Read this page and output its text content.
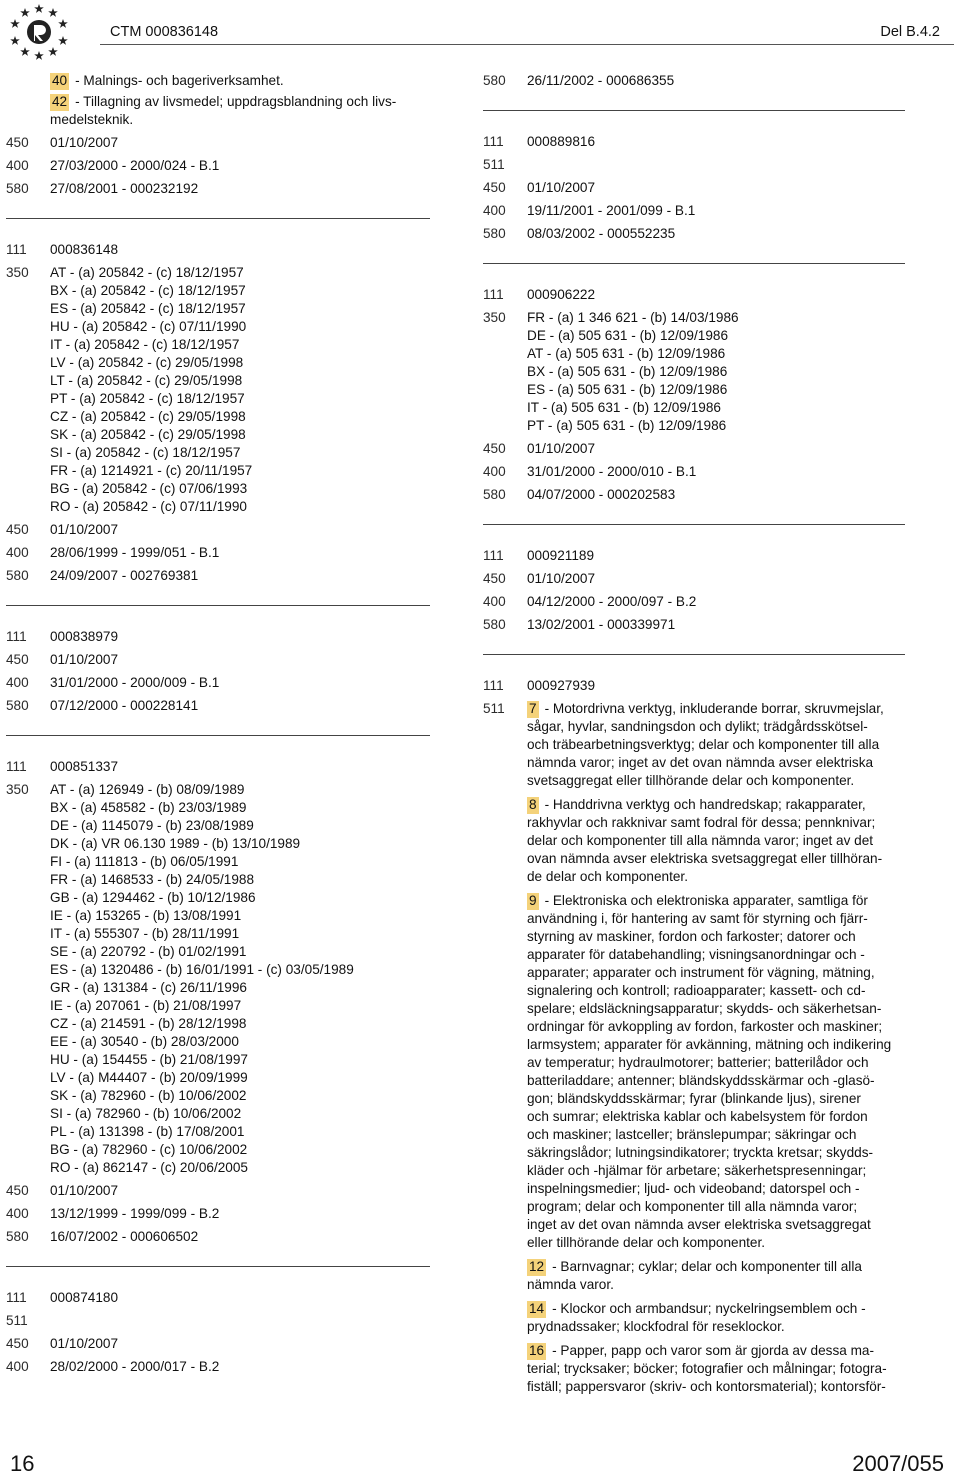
CTM 000836148	Del B.4.2
40 - Malnings- och bageriverksamhet.
42 - Tillagning av livsmedel; uppdragsblandning och livs-
medelsteknik.
450	01/10/2007
400	27/03/2000 - 2000/024 - B.1
580	27/08/2001 - 000232192
111	000836148
350	AT - (a) 205842 - (c) 18/12/1957
BX - (a) 205842 - (c) 18/12/1957
ES - (a) 205842 - (c) 18/12/1957
HU - (a) 205842 - (c) 07/11/1990
IT - (a) 205842 - (c) 18/12/1957
LV - (a) 205842 - (c) 29/05/1998
LT - (a) 205842 - (c) 29/05/1998
PT - (a) 205842 - (c) 18/12/1957
CZ - (a) 205842 - (c) 29/05/1998
SK - (a) 205842 - (c) 29/05/1998
SI - (a) 205842 - (c) 18/12/1957
FR - (a) 1214921 - (c) 20/11/1957
BG - (a) 205842 - (c) 07/06/1993
RO - (a) 205842 - (c) 07/11/1990
450	01/10/2007
400	28/06/1999 - 1999/051 - B.1
580	24/09/2007 - 002769381
111	000838979
450	01/10/2007
400	31/01/2000 - 2000/009 - B.1
580	07/12/2000 - 000228141
111	000851337
350	AT - (a) 126949 - (b) 08/09/1989
BX - (a) 458582 - (b) 23/03/1989
DE - (a) 1145079 - (b) 23/08/1989
DK - (a) VR 06.130 1989 - (b) 13/10/1989
FI - (a) 111813 - (b) 06/05/1991
FR - (a) 1468533 - (b) 24/05/1988
GB - (a) 1294462 - (b) 10/12/1986
IE - (a) 153265 - (b) 13/08/1991
IT - (a) 555307 - (b) 28/11/1991
SE - (a) 220792 - (b) 01/02/1991
ES - (a) 1320486 - (b) 16/01/1991 - (c) 03/05/1989
GR - (a) 131384 - (c) 26/11/1996
IE - (a) 207061 - (b) 21/08/1997
CZ - (a) 214591 - (b) 28/12/1998
EE - (a) 30540 - (b) 28/03/2000
HU - (a) 154455 - (b) 21/08/1997
LV - (a) M44407 - (b) 20/09/1999
SK - (a) 782960 - (b) 10/06/2002
SI - (a) 782960 - (b) 10/06/2002
PL - (a) 131398 - (b) 17/08/2001
BG - (a) 782960 - (c) 10/06/2002
RO - (a) 862147 - (c) 20/06/2005
450	01/10/2007
400	13/12/1999 - 1999/099 - B.2
580	16/07/2002 - 000606502
111	000874180
511
450	01/10/2007
400	28/02/2000 - 2000/017 - B.2
580	26/11/2002 - 000686355
111	000889816
511
450	01/10/2007
400	19/11/2001 - 2001/099 - B.1
580	08/03/2002 - 000552235
111	000906222
350	FR - (a) 1 346 621 - (b) 14/03/1986
DE - (a) 505 631 - (b) 12/09/1986
AT - (a) 505 631 - (b) 12/09/1986
BX - (a) 505 631 - (b) 12/09/1986
ES - (a) 505 631 - (b) 12/09/1986
IT - (a) 505 631 - (b) 12/09/1986
PT - (a) 505 631 - (b) 12/09/1986
450	01/10/2007
400	31/01/2000 - 2000/010 - B.1
580	04/07/2000 - 000202583
111	000921189
450	01/10/2007
400	04/12/2000 - 2000/097 - B.2
580	13/02/2001 - 000339971
111	000927939
511	7 - Motordrivna verktyg, inkluderande borrar, skruvmejslar,
sågar, hyvlar, sandningsdon och dylikt; trädgårdsskötsel-
och träbearbetningsverktyg; delar och komponenter till alla
nämnda varor; inget av det ovan nämnda avser elektriska
svetsaggregat eller tillhörande delar och komponenter.
8 - Handdrivna verktyg och handredskap; rakapparater,
rakhyvlar och rakknivar samt fodral för dessa; pennknivar;
delar och komponenter till alla nämnda varor; inget av det
ovan nämnda avser elektriska svetsaggregat eller tillhöran-
de delar och komponenter.
9 - Elektroniska och elektroniska apparater, samtliga för
användning i, för hantering av samt för styrning och fjärr-
styrning av maskiner, fordon och farkoster; datorer och
apparater för databehandling; visningsanordningar och -
apparater; apparater och instrument för vägning, mätning,
signalering och kontroll; radioapparater; kassett- och cd-
spelare; eldsläckningsapparatur; skydds- och säkerhetsan-
ordningar för avkoppling av fordon, farkoster och maskiner;
larmsystem; apparater för avkänning, mätning och indikering
av temperatur; hydraulmotorer; batterier; batterilådor och
batteriladdare; antenner; bländskyddsskärmar och -glasö-
gon; bländskyddsskärmar; fyrar (blinkande ljus), sirener
och sumrar; elektriska kablar och kabelsystem för fordon
och maskiner; lastceller; bränslepumpar; säkringar och
säkringslådor; lutningsindikatorer; tryckta kretsar; skydds-
kläder och -hjälmar för arbetare; säkerhetspresenningar;
inspelningsmedier; ljud- och videoband; datorspel och -
program; delar och komponenter till alla nämnda varor;
inget av det ovan nämnda avser elektriska svetsaggregat
eller tillhörande delar och komponenter.
12 - Barnvagnar; cyklar; delar och komponenter till alla
nämnda varor.
14 - Klockor och armbandsur; nyckelringsemblem och -
prydnadssaker; klockfodral för reseklockor.
16 - Papper, papp och varor som är gjorda av dessa ma-
terial; trycksaker; böcker; fotografier och målningar; fotogra-
fiställ; pappersvaror (skriv- och kontorsmaterial); kontorsför-
16	2007/055
